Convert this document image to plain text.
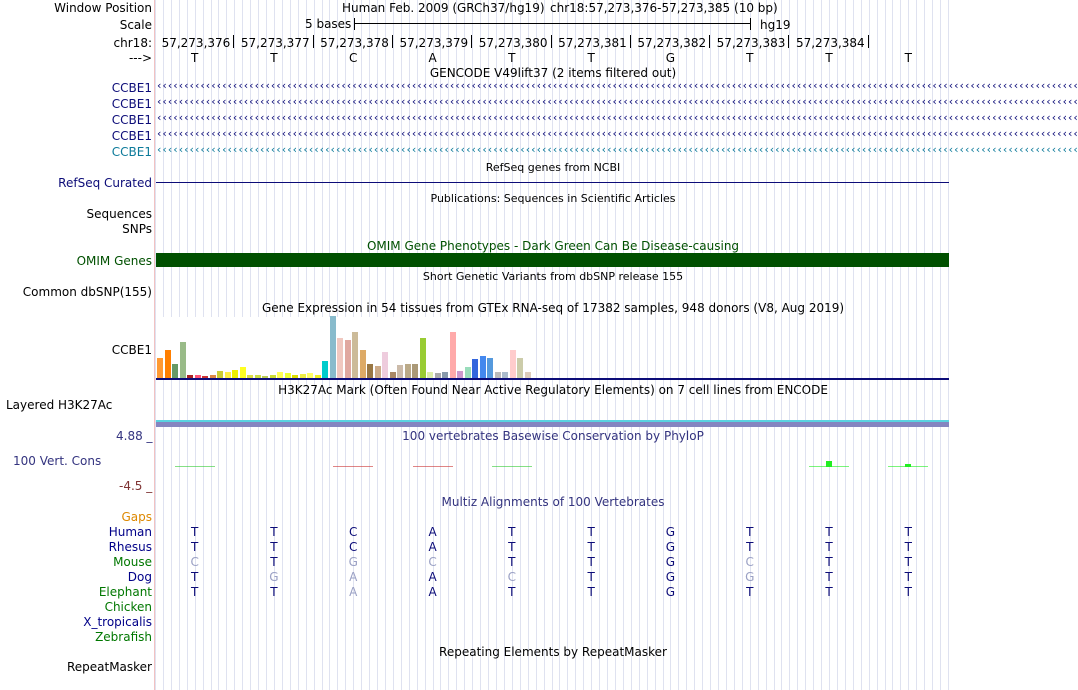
Window Position	Human Feb. 2009 (GRCh37/hg19) chr18:57,273,376-57,273,385 (10 bp)
Scale	5 bases	hg19
chr18: 57,273,376 57,273,377 57,273,378 57,273,379 57,273,380 57,273,381 57,273,382 57,273,383 57,273,384
--->	T	T	C	A	T	T	G	T	T	T
GENCODE V49lift37 (2 items filtered out)
CCBE1 ‹‹‹‹‹‹‹‹‹‹‹‹‹‹‹‹‹‹‹‹‹‹‹‹‹‹‹‹‹‹‹‹‹‹‹‹‹‹‹‹‹‹‹‹‹‹‹‹‹‹‹‹‹‹‹‹‹‹‹‹‹‹‹‹‹‹‹‹‹‹‹‹‹‹‹‹‹‹‹‹‹‹‹‹‹‹‹‹‹‹‹‹‹‹‹‹‹‹‹‹‹‹‹‹‹‹‹‹‹‹‹‹‹‹‹‹‹‹‹‹‹‹‹‹‹‹‹‹‹‹‹‹‹‹‹‹‹‹‹‹‹‹‹‹‹‹‹‹‹‹‹‹‹‹‹‹‹‹‹‹‹‹‹‹‹‹‹‹‹‹
CCBE1 ‹‹‹‹‹‹‹‹‹‹‹‹‹‹‹‹‹‹‹‹‹‹‹‹‹‹‹‹‹‹‹‹‹‹‹‹‹‹‹‹‹‹‹‹‹‹‹‹‹‹‹‹‹‹‹‹‹‹‹‹‹‹‹‹‹‹‹‹‹‹‹‹‹‹‹‹‹‹‹‹‹‹‹‹‹‹‹‹‹‹‹‹‹‹‹‹‹‹‹‹‹‹‹‹‹‹‹‹‹‹‹‹‹‹‹‹‹‹‹‹‹‹‹‹‹‹‹‹‹‹‹‹‹‹‹‹‹‹‹‹‹‹‹‹‹‹‹‹‹‹‹‹‹‹‹‹‹‹‹‹‹‹‹‹‹‹‹‹‹‹
CCBE1 ‹‹‹‹‹‹‹‹‹‹‹‹‹‹‹‹‹‹‹‹‹‹‹‹‹‹‹‹‹‹‹‹‹‹‹‹‹‹‹‹‹‹‹‹‹‹‹‹‹‹‹‹‹‹‹‹‹‹‹‹‹‹‹‹‹‹‹‹‹‹‹‹‹‹‹‹‹‹‹‹‹‹‹‹‹‹‹‹‹‹‹‹‹‹‹‹‹‹‹‹‹‹‹‹‹‹‹‹‹‹‹‹‹‹‹‹‹‹‹‹‹‹‹‹‹‹‹‹‹‹‹‹‹‹‹‹‹‹‹‹‹‹‹‹‹‹‹‹‹‹‹‹‹‹‹‹‹‹‹‹‹‹‹‹‹‹‹‹‹‹
CCBE1 ‹‹‹‹‹‹‹‹‹‹‹‹‹‹‹‹‹‹‹‹‹‹‹‹‹‹‹‹‹‹‹‹‹‹‹‹‹‹‹‹‹‹‹‹‹‹‹‹‹‹‹‹‹‹‹‹‹‹‹‹‹‹‹‹‹‹‹‹‹‹‹‹‹‹‹‹‹‹‹‹‹‹‹‹‹‹‹‹‹‹‹‹‹‹‹‹‹‹‹‹‹‹‹‹‹‹‹‹‹‹‹‹‹‹‹‹‹‹‹‹‹‹‹‹‹‹‹‹‹‹‹‹‹‹‹‹‹‹‹‹‹‹‹‹‹‹‹‹‹‹‹‹‹‹‹‹‹‹‹‹‹‹‹‹‹‹‹‹‹‹
CCBE1 ‹‹‹‹‹‹‹‹‹‹‹‹‹‹‹‹‹‹‹‹‹‹‹‹‹‹‹‹‹‹‹‹‹‹‹‹‹‹‹‹‹‹‹‹‹‹‹‹‹‹‹‹‹‹‹‹‹‹‹‹‹‹‹‹‹‹‹‹‹‹‹‹‹‹‹‹‹‹‹‹‹‹‹‹‹‹‹‹‹‹‹‹‹‹‹‹‹‹‹‹‹‹‹‹‹‹‹‹‹‹‹‹‹‹‹‹‹‹‹‹‹‹‹‹‹‹‹‹‹‹‹‹‹‹‹‹‹‹‹‹‹‹‹‹‹‹‹‹‹‹‹‹‹‹‹‹‹‹‹‹‹‹‹‹‹‹‹‹‹‹
RefSeq genes from NCBI
RefSeq Curated
Publications: Sequences in Scientific Articles
Sequences
SNPs
OMIM Gene Phenotypes - Dark Green Can Be Disease-causing
OMIM Genes
Short Genetic Variants from dbSNP release 155
Common dbSNP(155)
Gene Expression in 54 tissues from GTEx RNA-seq of 17382 samples, 948 donors (V8, Aug 2019)
CCBE1
H3K27Ac Mark (Often Found Near Active Regulatory Elements) on 7 cell lines from ENCODE
Layered H3K27Ac
100 vertebrates Basewise Conservation by PhyloP
4.88 _
100 Vert. Cons
-4.5 _
Multiz Alignments of 100 Vertebrates
Gaps
Human	T	T	C	A	T	T	G	T	T	T
Rhesus	T	T	C	A	T	T	G	T	T	T
Mouse	C	T	G	C	T	T	G	C	T	T
Dog	T	G	A	A	C	T	G	G	T	T
Elephant	T	T	A	A	T	T	G	T	T	T
Chicken
X_tropicalis
Zebrafish
Repeating Elements by RepeatMasker
RepeatMasker
